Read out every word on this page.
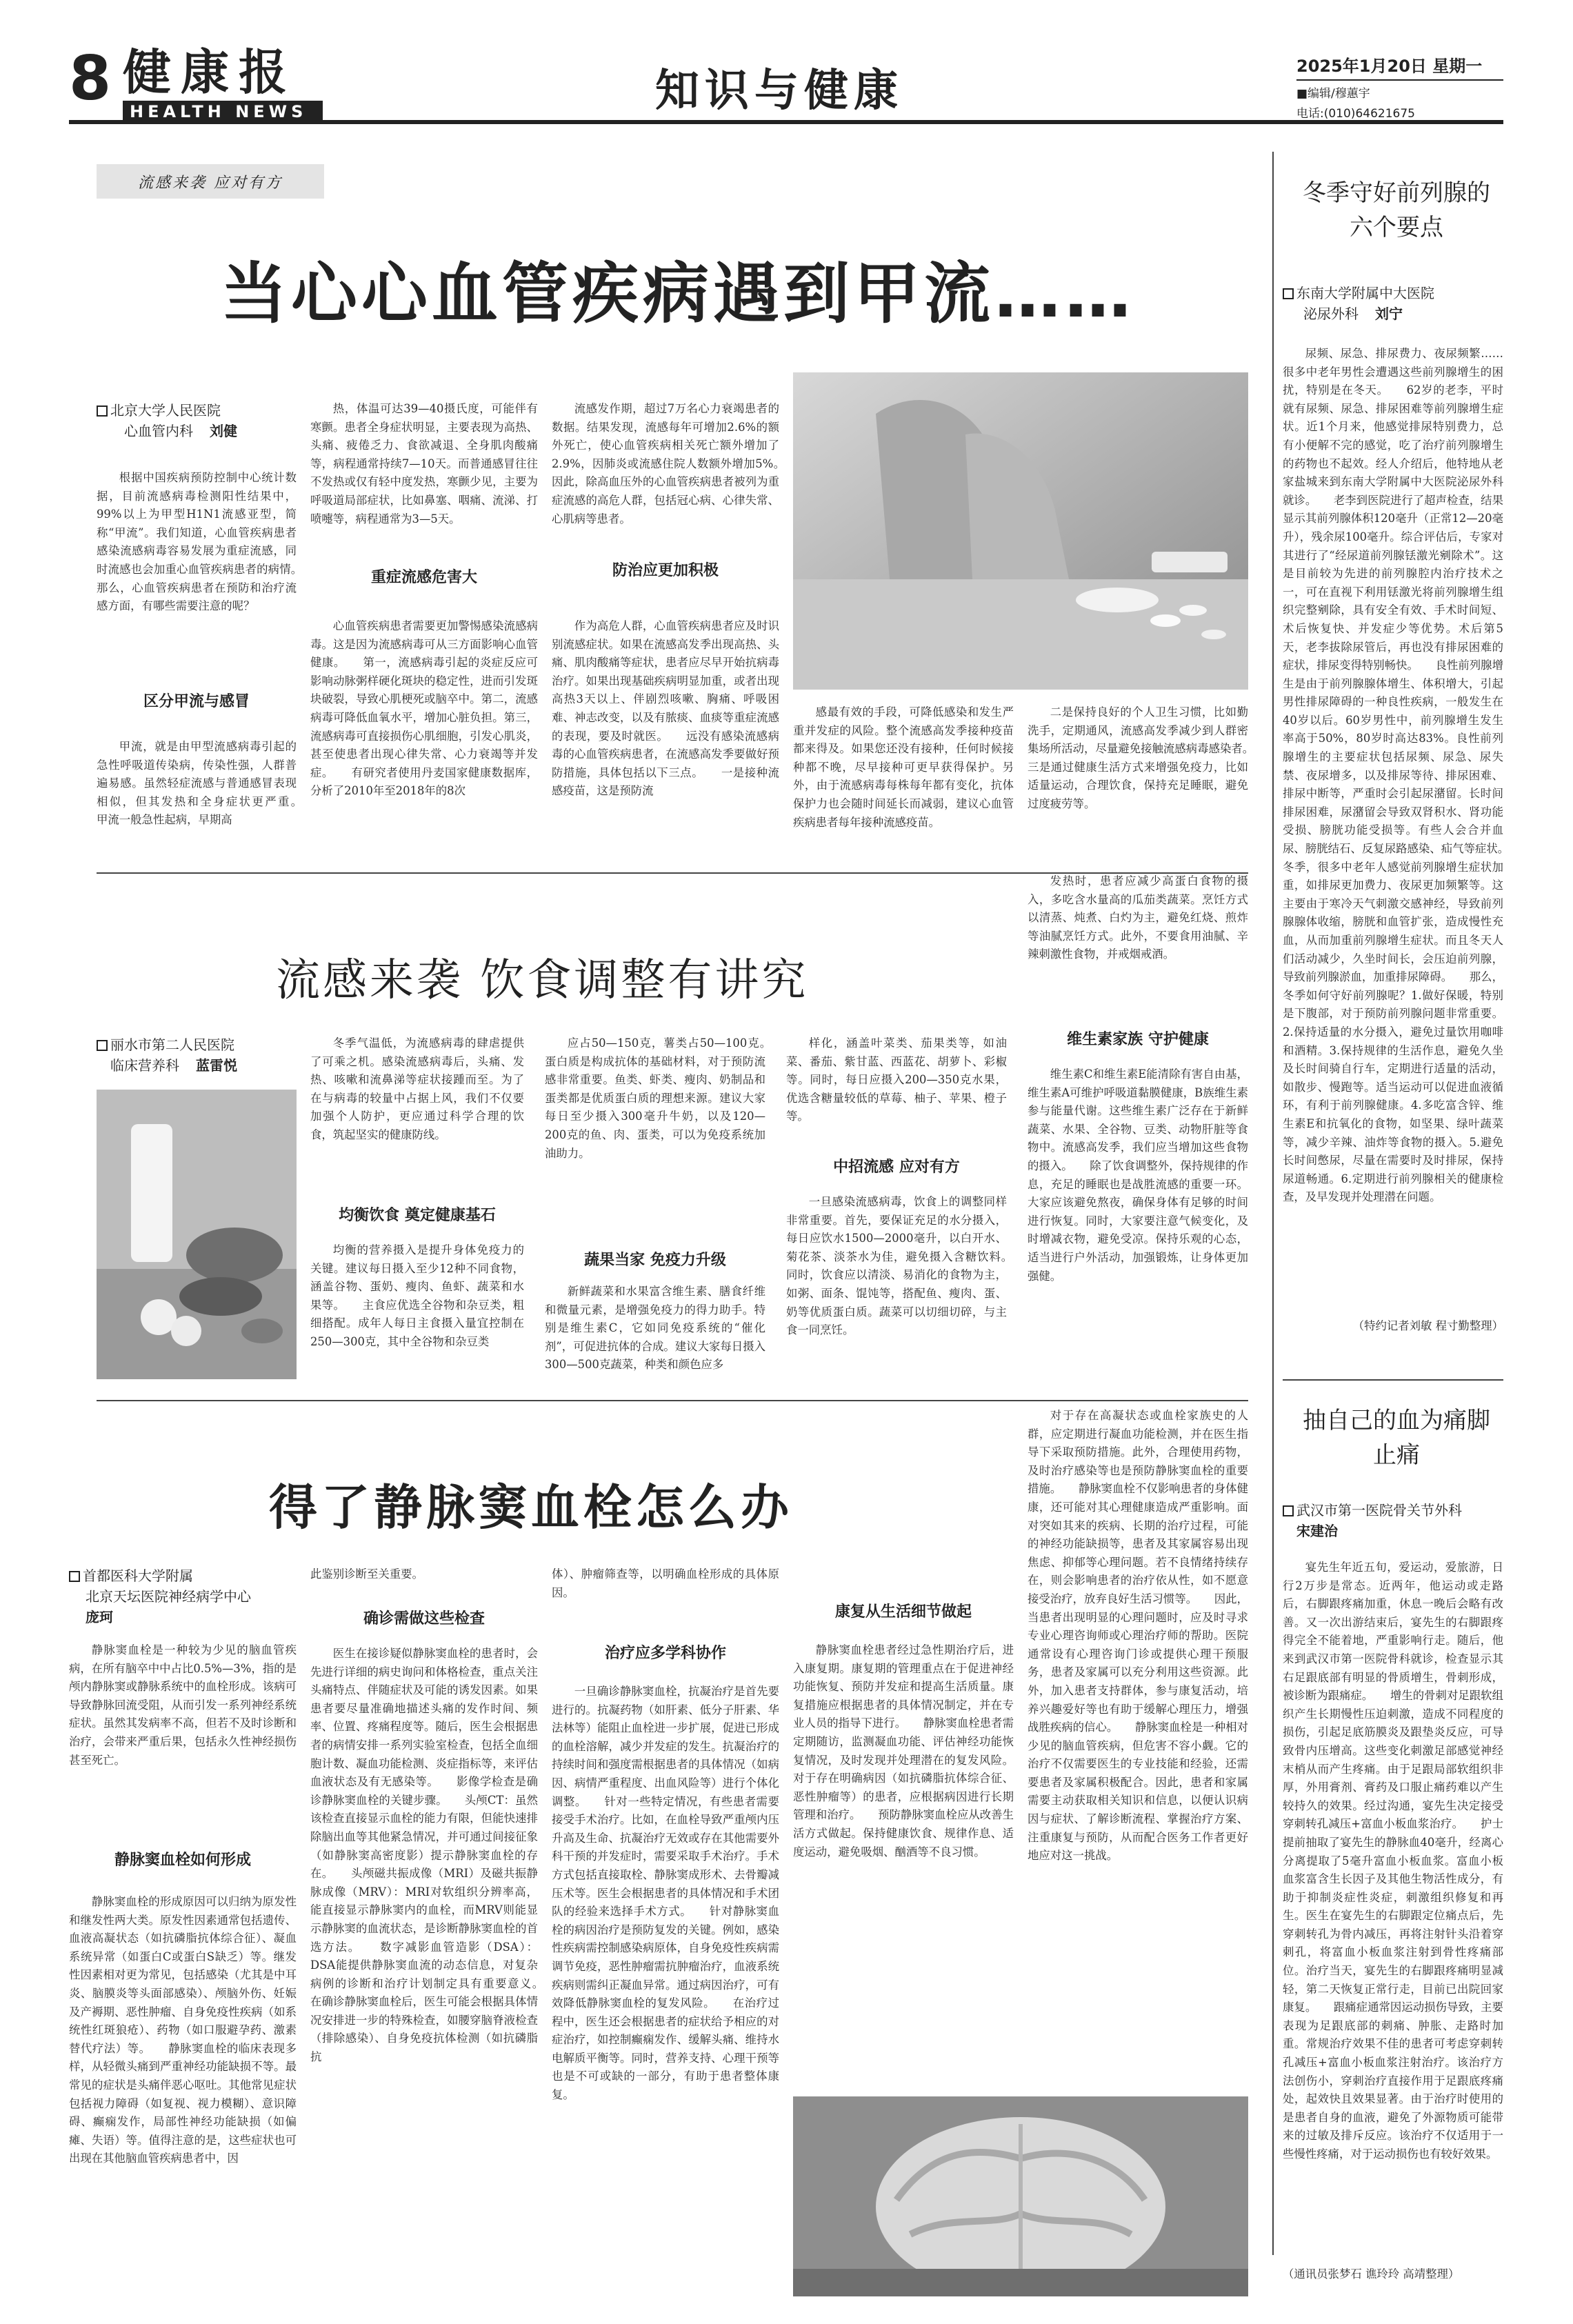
8 健康报
HEALTH NEWS	知识与健康	2025年1月20日 星期一
■编辑/穆蕙宇
电话:(010)64621675
流感来袭 应对有方
当心心血管疾病遇到甲流……
北京大学人民医院
心血管内科 刘健

根据中国疾病预防控制中心统计数据，目前流感病毒检测阳性结果中，99%以上为甲型H1N1流感亚型，简称“甲流”。我们知道，心血管疾病患者感染流感病毒容易发展为重症流感，同时流感也会加重心血管疾病患者的病情。　　那么，心血管疾病患者在预防和治疗流感方面，有哪些需要注意的呢？

区分甲流与感冒

甲流，就是由甲型流感病毒引起的急性呼吸道传染病，传染性强，人群普遍易感。虽然轻症流感与普通感冒表现相似，但其发热和全身症状更严重。　　甲流一般急性起病，早期高

热，体温可达39—40摄氏度，可能伴有寒颤。患者全身症状明显，主要表现为高热、头痛、疲倦乏力、食欲减退、全身肌肉酸痛等，病程通常持续7—10天。而普通感冒往往不发热或仅有轻中度发热，寒颤少见，主要为呼吸道局部症状，比如鼻塞、咽痛、流涕、打喷嚏等，病程通常为3—5天。

重症流感危害大

心血管疾病患者需要更加警惕感染流感病毒。这是因为流感病毒可从三方面影响心血管健康。　　第一，流感病毒引起的炎症反应可影响动脉粥样硬化斑块的稳定性，进而引发斑块破裂，导致心肌梗死或脑卒中。第二，流感病毒可降低血氧水平，增加心脏负担。第三，流感病毒可直接损伤心肌细胞，引发心肌炎，甚至使患者出现心律失常、心力衰竭等并发症。　　有研究者使用丹麦国家健康数据库，分析了2010年至2018年的8次

流感发作期，超过7万名心力衰竭患者的数据。结果发现，流感每年可增加2.6%的额外死亡，使心血管疾病相关死亡额外增加了2.9%，因肺炎或流感住院人数额外增加5%。　　因此，除高血压外的心血管疾病患者被列为重症流感的高危人群，包括冠心病、心律失常、心肌病等患者。

防治应更加积极

作为高危人群，心血管疾病患者应及时识别流感症状。如果在流感高发季出现高热、头痛、肌肉酸痛等症状，患者应尽早开始抗病毒治疗。如果出现基础疾病明显加重，或者出现高热3天以上、伴剧烈咳嗽、胸痛、呼吸困难、神志改变，以及有脓痰、血痰等重症流感的表现，要及时就医。　　远没有感染流感病毒的心血管疾病患者，在流感高发季要做好预防措施，具体包括以下三点。　　一是接种流感疫苗，这是预防流

感最有效的手段，可降低感染和发生严重并发症的风险。整个流感高发季接种疫苗都来得及。如果您还没有接种，任何时候接种都不晚，尽早接种可更早获得保护。另外，由于流感病毒每株每年都有变化，抗体保护力也会随时间延长而减弱，建议心血管疾病患者每年接种流感疫苗。

二是保持良好的个人卫生习惯，比如勤洗手，定期通风，流感高发季减少到人群密集场所活动，尽量避免接触流感病毒感染者。　　三是通过健康生活方式来增强免疫力，比如适量运动，合理饮食，保持充足睡眠，避免过度疲劳等。

流感来袭 饮食调整有讲究

发热时，患者应减少高蛋白食物的摄入，多吃含水量高的瓜茄类蔬菜。烹饪方式以清蒸、炖煮、白灼为主，避免红烧、煎炸等油腻烹饪方式。此外，不要食用油腻、辛辣刺激性食物，并戒烟戒酒。

丽水市第二人民医院
临床营养科 蓝雷悦

冬季气温低，为流感病毒的肆虐提供了可乘之机。感染流感病毒后，头痛、发热、咳嗽和流鼻涕等症状接踵而至。为了在与病毒的较量中占据上风，我们不仅要加强个人防护，更应通过科学合理的饮食，筑起坚实的健康防线。

均衡饮食 奠定健康基石

均衡的营养摄入是提升身体免疫力的关键。建议每日摄入至少12种不同食物，涵盖谷物、蛋奶、瘦肉、鱼虾、蔬菜和水果等。　　主食应优选全谷物和杂豆类，粗细搭配。成年人每日主食摄入量宜控制在250—300克，其中全谷物和杂豆类

应占50—150克，薯类占50—100克。　　蛋白质是构成抗体的基础材料，对于预防流感非常重要。鱼类、虾类、瘦肉、奶制品和蛋类都是优质蛋白质的理想来源。建议大家每日至少摄入300毫升牛奶，以及120—200克的鱼、肉、蛋类，可以为免疫系统加油助力。

蔬果当家 免疫力升级

新鲜蔬菜和水果富含维生素、膳食纤维和微量元素，是增强免疫力的得力助手。特别是维生素C，它如同免疫系统的“催化剂”，可促进抗体的合成。建议大家每日摄入300—500克蔬菜，种类和颜色应多

样化，涵盖叶菜类、茄果类等，如油菜、番茄、紫甘蓝、西蓝花、胡萝卜、彩椒等。同时，每日应摄入200—350克水果，优选含糖量较低的草莓、柚子、苹果、橙子等。

中招流感 应对有方

一旦感染流感病毒，饮食上的调整同样非常重要。首先，要保证充足的水分摄入，每日应饮水1500—2000毫升，以白开水、菊花茶、淡茶水为佳，避免摄入含糖饮料。　　同时，饮食应以清淡、易消化的食物为主，如粥、面条、馄饨等，搭配鱼、瘦肉、蛋、奶等优质蛋白质。蔬菜可以切细切碎，与主食一同烹饪。

维生素家族 守护健康

维生素C和维生素E能清除有害自由基，维生素A可维护呼吸道黏膜健康，B族维生素参与能量代谢。这些维生素广泛存在于新鲜蔬菜、水果、全谷物、豆类、动物肝脏等食物中。流感高发季，我们应当增加这些食物的摄入。　　除了饮食调整外，保持规律的作息，充足的睡眠也是战胜流感的重要一环。大家应该避免熬夜，确保身体有足够的时间进行恢复。同时，大家要注意气候变化，及时增减衣物，避免受凉。保持乐观的心态，适当进行户外活动，加强锻炼，让身体更加强健。

得了静脉窦血栓怎么办

对于存在高凝状态或血栓家族史的人群，应定期进行凝血功能检测，并在医生指导下采取预防措施。此外，合理使用药物，及时治疗感染等也是预防静脉窦血栓的重要措施。　　静脉窦血栓不仅影响患者的身体健康，还可能对其心理健康造成严重影响。面对突如其来的疾病、长期的治疗过程，可能的神经功能缺损等，患者及其家属容易出现焦虑、抑郁等心理问题。若不良情绪持续存在，则会影响患者的治疗依从性，如不愿意接受治疗，放弃良好生活习惯等。　　因此，当患者出现明显的心理问题时，应及时寻求专业心理咨询师或心理治疗师的帮助。医院通常设有心理咨询门诊或提供心理干预服务，患者及家属可以充分利用这些资源。此外，加入患者支持群体，参与康复活动，培养兴趣爱好等也有助于缓解心理压力，增强战胜疾病的信心。　　静脉窦血栓是一种相对少见的脑血管疾病，但危害不容小觑。它的治疗不仅需要医生的专业技能和经验，还需要患者及家属积极配合。因此，患者和家属需要主动获取相关知识和信息，以便认识病因与症状、了解诊断流程、掌握治疗方案、注重康复与预防，从而配合医务工作者更好地应对这一挑战。

首都医科大学附属
北京天坛医院神经病学中心
庞珂

静脉窦血栓是一种较为少见的脑血管疾病，在所有脑卒中中占比0.5%—3%，指的是颅内静脉窦或静脉系统中的血栓形成。该病可导致静脉回流受阻，从而引发一系列神经系统症状。虽然其发病率不高，但若不及时诊断和治疗，会带来严重后果，包括永久性神经损伤甚至死亡。

静脉窦血栓如何形成

静脉窦血栓的形成原因可以归纳为原发性和继发性两大类。原发性因素通常包括遗传、血液高凝状态（如抗磷脂抗体综合征）、凝血系统异常（如蛋白C或蛋白S缺乏）等。继发性因素相对更为常见，包括感染（尤其是中耳炎、脑膜炎等头面部感染）、颅脑外伤、妊娠及产褥期、恶性肿瘤、自身免疫性疾病（如系统性红斑狼疮）、药物（如口服避孕药、激素替代疗法）等。　　静脉窦血栓的临床表现多样，从轻微头痛到严重神经功能缺损不等。最常见的症状是头痛伴恶心呕吐。其他常见症状包括视力障碍（如复视、视力模糊）、意识障碍、癫痫发作，局部性神经功能缺损（如偏瘫、失语）等。值得注意的是，这些症状也可出现在其他脑血管疾病患者中，因

此鉴别诊断至关重要。

确诊需做这些检查

医生在接诊疑似静脉窦血栓的患者时，会先进行详细的病史询问和体格检查，重点关注头痛特点、伴随症状及可能的诱发因素。如果患者要尽量准确地描述头痛的发作时间、频率、位置、疼痛程度等。随后，医生会根据患者的病情安排一系列实验室检查，包括全血细胞计数、凝血功能检测、炎症指标等，来评估血液状态及有无感染等。　　影像学检查是确诊静脉窦血栓的关键步骤。　　头颅CT：虽然该检查直接显示血栓的能力有限，但能快速排除脑出血等其他紧急情况，并可通过间接征象（如静脉窦高密度影）提示静脉窦血栓的存在。　　头颅磁共振成像（MRI）及磁共振静脉成像（MRV）：MRI对软组织分辨率高，能直接显示静脉窦内的血栓，而MRV则能显示静脉窦的血流状态，是诊断静脉窦血栓的首选方法。　　数字减影血管造影（DSA）：DSA能提供静脉窦血流的动态信息，对复杂病例的诊断和治疗计划制定具有重要意义。　　在确诊静脉窦血栓后，医生可能会根据具体情况安排进一步的特殊检查，如腰穿脑脊液检查（排除感染）、自身免疫抗体检测（如抗磷脂抗

体）、肿瘤筛查等，以明确血栓形成的具体原因。

治疗应多学科协作

一旦确诊静脉窦血栓，抗凝治疗是首先要进行的。抗凝药物（如肝素、低分子肝素、华法林等）能阻止血栓进一步扩展，促进已形成的血栓溶解，减少并发症的发生。抗凝治疗的持续时间和强度需根据患者的具体情况（如病因、病情严重程度、出血风险等）进行个体化调整。　　针对一些特定情况，有些患者需要接受手术治疗。比如，在血栓导致严重颅内压升高及生命、抗凝治疗无效或存在其他需要外科干预的并发症时，需要采取手术治疗。手术方式包括直接取栓、静脉窦成形术、去骨瓣减压术等。医生会根据患者的具体情况和手术团队的经验来选择手术方式。　　针对静脉窦血栓的病因治疗是预防复发的关键。例如，感染性疾病需控制感染病原体，自身免疫性疾病需调节免疫，恶性肿瘤需抗肿瘤治疗，血液系统疾病则需纠正凝血异常。通过病因治疗，可有效降低静脉窦血栓的复发风险。　　在治疗过程中，医生还会根据患者的症状给予相应的对症治疗，如控制癫痫发作、缓解头痛、维持水电解质平衡等。同时，营养支持、心理干预等也是不可或缺的一部分，有助于患者整体康复。

康复从生活细节做起

静脉窦血栓患者经过急性期治疗后，进入康复期。康复期的管理重点在于促进神经功能恢复、预防并发症和提高生活质量。康复措施应根据患者的具体情况制定，并在专业人员的指导下进行。　　静脉窦血栓患者需定期随访，监测凝血功能、评估神经功能恢复情况，及时发现并处理潜在的复发风险。对于存在明确病因（如抗磷脂抗体综合征、恶性肿瘤等）的患者，应根据病因进行长期管理和治疗。　　预防静脉窦血栓应从改善生活方式做起。保持健康饮食、规律作息、适度运动，避免吸烟、酗酒等不良习惯。

冬季守好前列腺的六个要点
东南大学附属中大医院
泌尿外科 刘宁

尿频、尿急、排尿费力、夜尿频繁……很多中老年男性会遭遇这些前列腺增生的困扰，特别是在冬天。　　62岁的老李，平时就有尿频、尿急、排尿困难等前列腺增生症状。近1个月来，他感觉排尿特别费力，总有小便解不完的感觉，吃了治疗前列腺增生的药物也不起效。经人介绍后，他特地从老家盐城来到东南大学附属中大医院泌尿外科就诊。　　老李到医院进行了超声检查，结果显示其前列腺体积120毫升（正常12—20毫升），残余尿100毫升。综合评估后，专家对其进行了“经尿道前列腺铥激光剜除术”。这是目前较为先进的前列腺腔内治疗技术之一，可在直视下利用铥激光将前列腺增生组织完整剜除，具有安全有效、手术时间短、术后恢复快、并发症少等优势。术后第5天，老李拔除尿管后，再也没有排尿困难的症状，排尿变得特别畅快。　　良性前列腺增生是由于前列腺腺体增生、体积增大，引起男性排尿障碍的一种良性疾病，一般发生在40岁以后。60岁男性中，前列腺增生发生率高于50%，80岁时高达83%。良性前列腺增生的主要症状包括尿频、尿急、尿失禁、夜尿增多，以及排尿等待、排尿困难、排尿中断等，严重时会引起尿潴留。长时间排尿困难，尿潴留会导致双肾积水、肾功能受损、膀胱功能受损等。有些人会合并血尿、膀胱结石、反复尿路感染、疝气等症状。　　冬季，很多中老年人感觉前列腺增生症状加重，如排尿更加费力、夜尿更加频繁等。这主要由于寒冷天气刺激交感神经，导致前列腺腺体收缩，膀胱和血管扩张，造成慢性充血，从而加重前列腺增生症状。而且冬天人们活动减少，久坐时间长，会压迫前列腺，导致前列腺淤血，加重排尿障碍。　　那么，冬季如何守好前列腺呢？1.做好保暖，特别是下腹部，对于预防前列腺问题非常重要。2.保持适量的水分摄入，避免过量饮用咖啡和酒精。3.保持规律的生活作息，避免久坐及长时间骑自行车，定期进行适量的活动，如散步、慢跑等。适当运动可以促进血液循环，有利于前列腺健康。4.多吃富含锌、维生素E和抗氧化的食物，如坚果、绿叶蔬菜等，减少辛辣、油炸等食物的摄入。5.避免长时间憋尿，尽量在需要时及时排尿，保持尿道畅通。6.定期进行前列腺相关的健康检查，及早发现并处理潜在问题。

（特约记者刘敏 程寸勤整理）
抽自己的血为痛脚止痛
武汉市第一医院骨关节外科
宋建治

宴先生年近五旬，爱运动，爱旅游，日行2万步是常态。近两年，他运动或走路后，右脚跟疼痛加重，休息一晚后会略有改善。又一次出游结束后，宴先生的右脚跟疼得完全不能着地，严重影响行走。随后，他来到武汉市第一医院骨科就诊，检查显示其右足跟底部有明显的骨质增生，骨刺形成，被诊断为跟痛症。　　增生的骨刺对足跟软组织产生长期慢性压迫刺激，造成不同程度的损伤，引起足底筋膜炎及跟垫炎反应，可导致骨内压增高。这些变化刺激足部感觉神经末梢从而产生疼痛。由于足跟局部软组织非厚，外用膏剂、膏药及口服止痛药难以产生较持久的效果。经过沟通，宴先生决定接受穿刺转孔减压+富血小板血浆治疗。　　护士提前抽取了宴先生的静脉血40毫升，经离心分离提取了5毫升富血小板血浆。富血小板血浆富含生长因子及其他生物活性成分，有助于抑制炎症性炎症，刺激组织修复和再生。医生在宴先生的右脚跟定位痛点后，先穿刺转孔为骨内减压，再将注射针头沿着穿刺孔，将富血小板血浆注射到骨性疼痛部位。治疗当天，宴先生的右脚跟疼痛明显减轻，第二天恢复正常行走，目前已出院回家康复。　　跟痛症通常因运动损伤导致，主要表现为足跟底部的刺痛、肿胀、走路时加重。常规治疗效果不佳的患者可考虑穿刺转孔减压+富血小板血浆注射治疗。该治疗方法创伤小，穿刺治疗直接作用于足跟底疼痛处，起效快且效果显著。由于治疗时使用的是患者自身的血液，避免了外源物质可能带来的过敏及排斥反应。该治疗不仅适用于一些慢性疼痛，对于运动损伤也有较好效果。

（通讯员张梦石 谯玲玲 高靖整理）
